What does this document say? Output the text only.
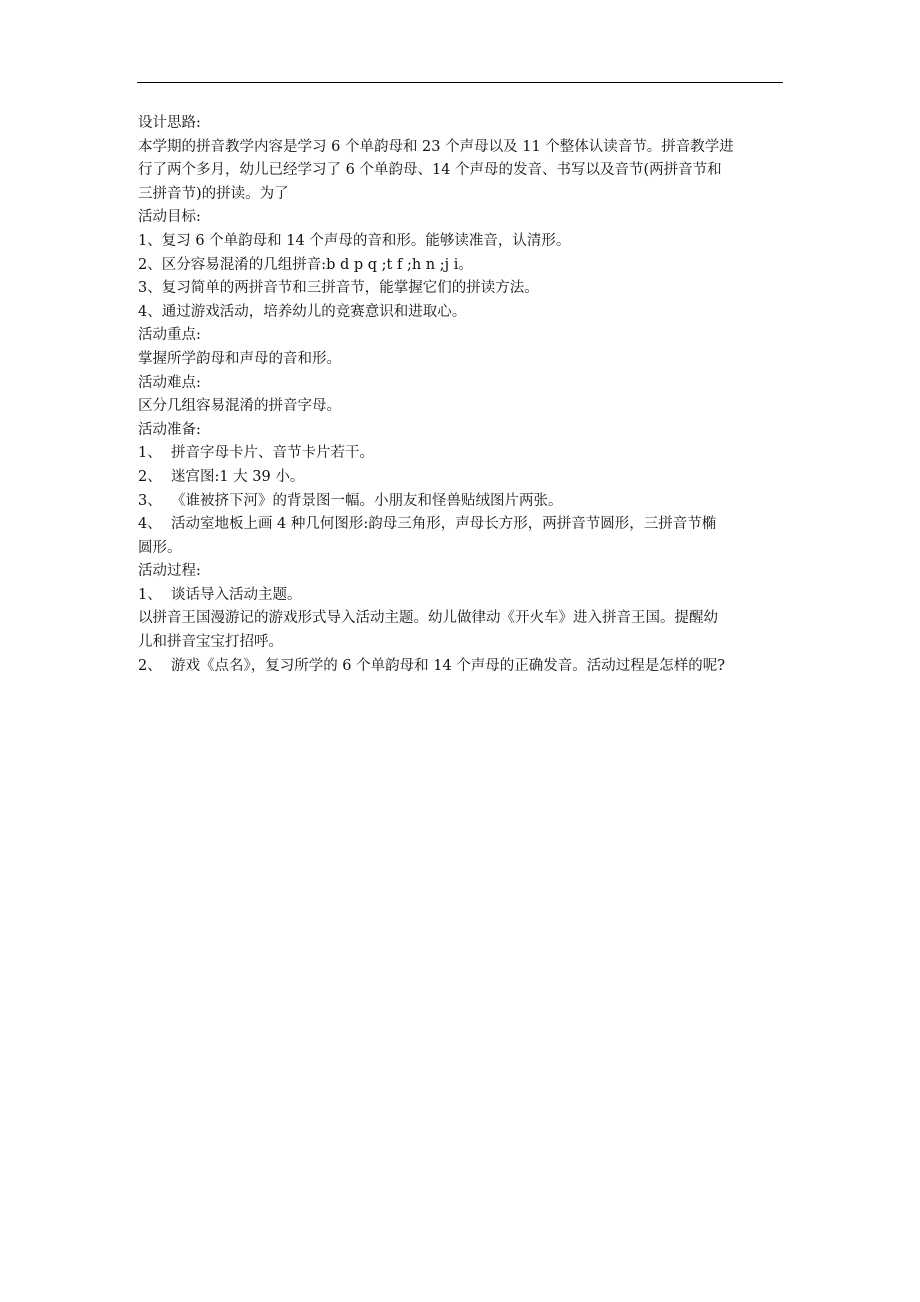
设计思路:
本学期的拼音教学内容是学习 6 个单韵母和 23 个声母以及 11 个整体认读音节。拼音教学进
行了两个多月，幼儿已经学习了 6 个单韵母、14 个声母的发音、书写以及音节(两拼音节和
三拼音节)的拼读。为了
活动目标:
1、复习 6 个单韵母和 14 个声母的音和形。能够读准音，认清形。
2、区分容易混淆的几组拼音:b d p q ;t f ;h n ;j i。
3、复习简单的两拼音节和三拼音节，能掌握它们的拼读方法。
4、通过游戏活动，培养幼儿的竞赛意识和进取心。
活动重点:
掌握所学韵母和声母的音和形。
活动难点:
区分几组容易混淆的拼音字母。
活动准备:
1、  拼音字母卡片、音节卡片若干。
2、  迷宫图:1 大 39 小。
3、  《谁被挤下河》的背景图一幅。小朋友和怪兽贴绒图片两张。
4、  活动室地板上画 4 种几何图形:韵母三角形，声母长方形，两拼音节圆形，三拼音节椭
圆形。
活动过程:
1、  谈话导入活动主题。
以拼音王国漫游记的游戏形式导入活动主题。幼儿做律动《开火车》进入拼音王国。提醒幼
儿和拼音宝宝打招呼。
2、  游戏《点名》，复习所学的 6 个单韵母和 14 个声母的正确发音。活动过程是怎样的呢?
